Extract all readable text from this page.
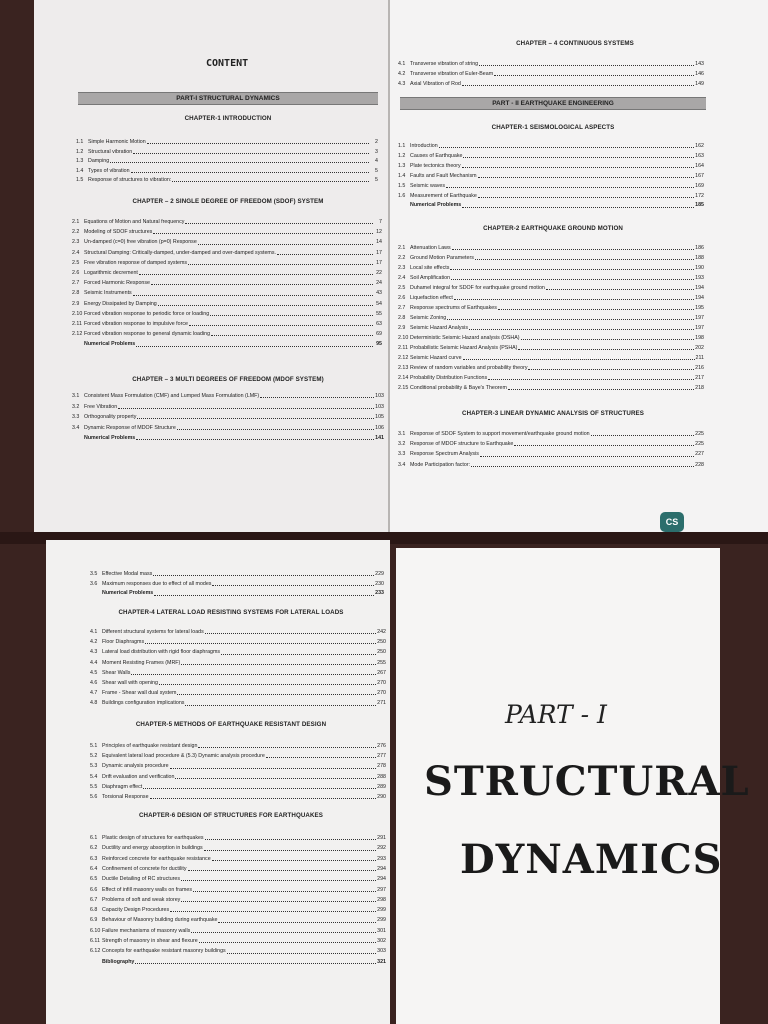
CONTENT
PART-I STRUCTURAL DYNAMICS
CHAPTER-1 INTRODUCTION
1.1 Simple Harmonic Motion	2
1.2 Structural vibration	3
1.3 Damping	4
1.4 Types of vibration	5
1.5 Response of structures to vibration:	5
CHAPTER – 2 SINGLE DEGREE OF FREEDOM (SDOF) SYSTEM
2.1 Equations of Motion and Natural frequency	7
2.2 Modeling of SDOF structures	12
2.3 Un-damped (c=0) free vibration (p=0) Response	14
2.4 Structural Damping: Critically-damped, under-damped and over-damped systems.	17
2.5 Free vibration response of damped systems	17
2.6 Logarithmic decrement	22
2.7 Forced Harmonic Response	24
2.8 Seismic Instruments	43
2.9 Energy Dissipated by Damping	54
2.10 Forced vibration response to periodic force or loading	55
2.11 Forced vibration response to impulsive force	63
2.12 Forced vibration response to general dynamic loading	69
Numerical Problems	95
CHAPTER – 3 MULTI DEGREES OF FREEDOM (MDOF SYSTEM)
3.1 Consistent Mass Formulation (CMF) and Lumped Mass Formulation (LMF)	103
3.2 Free Vibration	103
3.3 Orthogonality property	105
3.4 Dynamic Response of MDOF Structure	106
Numerical Problems	141
CHAPTER – 4 CONTINUOUS SYSTEMS
4.1 Transverse vibration of string	143
4.2 Transverse vibration of Euler-Beam	146
4.3 Axial Vibration of Rod	149
PART - II EARTHQUAKE ENGINEERING
CHAPTER-1 SEISMOLOGICAL ASPECTS
1.1 Introduction	162
1.2 Causes of Earthquake	163
1.3 Plate tectonics theory	164
1.4 Faults and Fault Mechanism	167
1.5 Seismic waves	169
1.6 Measurement of Earthquake	172
Numerical Problems	185
CHAPTER-2 EARTHQUAKE GROUND MOTION
2.1 Attenuation Laws	186
2.2 Ground Motion Parameters	188
2.3 Local site effects	190
2.4 Soil Amplification	193
2.5 Duhamel integral for SDOF for earthquake ground motion	194
2.6 Liquefaction effect	194
2.7 Response spectrums of Earthquakes	195
2.8 Seismic Zoning	197
2.9 Seismic Hazard Analysis	197
2.10 Deterministic Seismic Hazard analysis (DSHA)	198
2.11 Probabilistic Seismic Hazard Analysis (PSHA)	202
2.12 Seismic Hazard curve	211
2.13 Review of random variables and probability theory	216
2.14 Probability Distribution Functions	217
2.15 Conditional probability & Baye's Theorem	218
CHAPTER-3 LINEAR DYNAMIC ANALYSIS OF STRUCTURES
3.1 Response of SDOF System to support movement/earthquake ground motion	225
3.2 Response of MDOF structure to Earthquake	225
3.3 Response Spectrum Analysis	227
3.4 Mode Participation factor:	228
CS
3.5 Effective Modal mass	229
3.6 Maximum responses due to effect of all modes	230
Numerical Problems	233
CHAPTER-4 LATERAL LOAD RESISTING SYSTEMS FOR LATERAL LOADS
4.1 Different structural systems for lateral loads	242
4.2 Floor Diaphragms	250
4.3 Lateral load distribution with rigid floor diaphragms	250
4.4 Moment Resisting Frames (MRF)	255
4.5 Shear Walls	267
4.6 Shear wall with opening	270
4.7 Frame - Shear wall dual system	270
4.8 Buildings configuration implications	271
CHAPTER-5 METHODS OF EARTHQUAKE RESISTANT DESIGN
5.1 Principles of earthquake resistant design	276
5.2 Equivalent lateral load procedure & (5.3) Dynamic analysis procedure	277
5.3 Dynamic analysis procedure	278
5.4 Drift evaluation and verification	288
5.5 Diaphragm effect	289
5.6 Torsional Response	290
CHAPTER-6 DESIGN OF STRUCTURES FOR EARTHQUAKES
6.1 Plastic design of structures for earthquakes	291
6.2 Ductility and energy absorption in buildings	292
6.3 Reinforced concrete for earthquake resistance	293
6.4 Confinement of concrete for ductility	294
6.5 Ductile Detailing of RC structures	294
6.6 Effect of infill masonry walls on frames	297
6.7 Problems of soft and weak storey	298
6.8 Capacity Design Procedures	299
6.9 Behaviour of Masonry building during earthquake	299
6.10 Failure mechanisms of masonry walls	301
6.11 Strength of masonry in shear and flexure	302
6.12 Concepts for earthquake resistant masonry buildings	303
Bibliography	321
PART - I
STRUCTURAL
DYNAMICS
